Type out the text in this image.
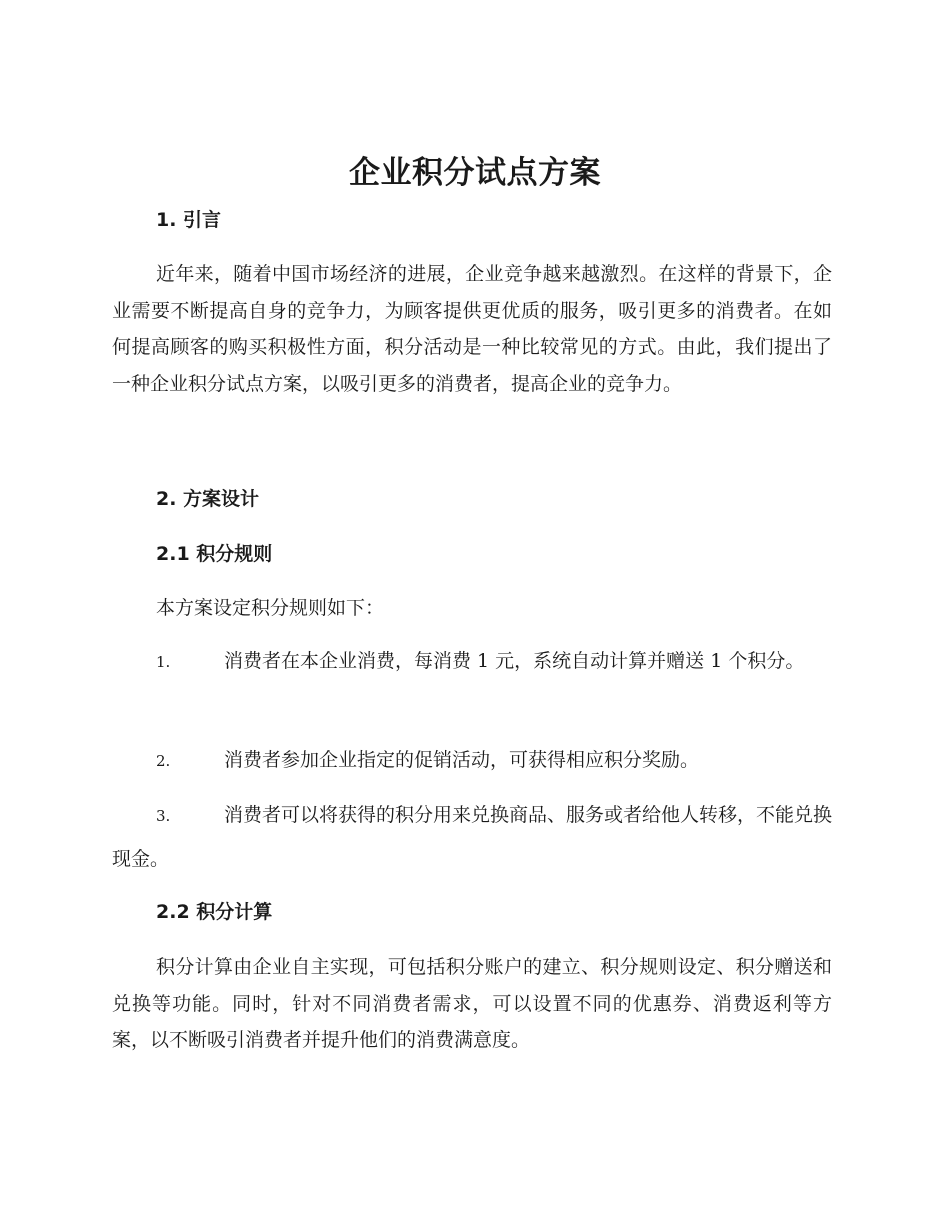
企业积分试点方案
1. 引言
近年来，随着中国市场经济的进展，企业竞争越来越激烈。在这样的背景下，企业需要不断提高自身的竞争力，为顾客提供更优质的服务，吸引更多的消费者。在如何提高顾客的购买积极性方面，积分活动是一种比较常见的方式。由此，我们提出了一种企业积分试点方案，以吸引更多的消费者，提高企业的竞争力。
2. 方案设计
2.1 积分规则
本方案设定积分规则如下：
1.	消费者在本企业消费，每消费 1 元，系统自动计算并赠送 1 个积分。
2.	消费者参加企业指定的促销活动，可获得相应积分奖励。
3.	消费者可以将获得的积分用来兑换商品、服务或者给他人转移，不能兑换现金。
2.2 积分计算
积分计算由企业自主实现，可包括积分账户的建立、积分规则设定、积分赠送和兑换等功能。同时，针对不同消费者需求，可以设置不同的优惠券、消费返利等方案，以不断吸引消费者并提升他们的消费满意度。
